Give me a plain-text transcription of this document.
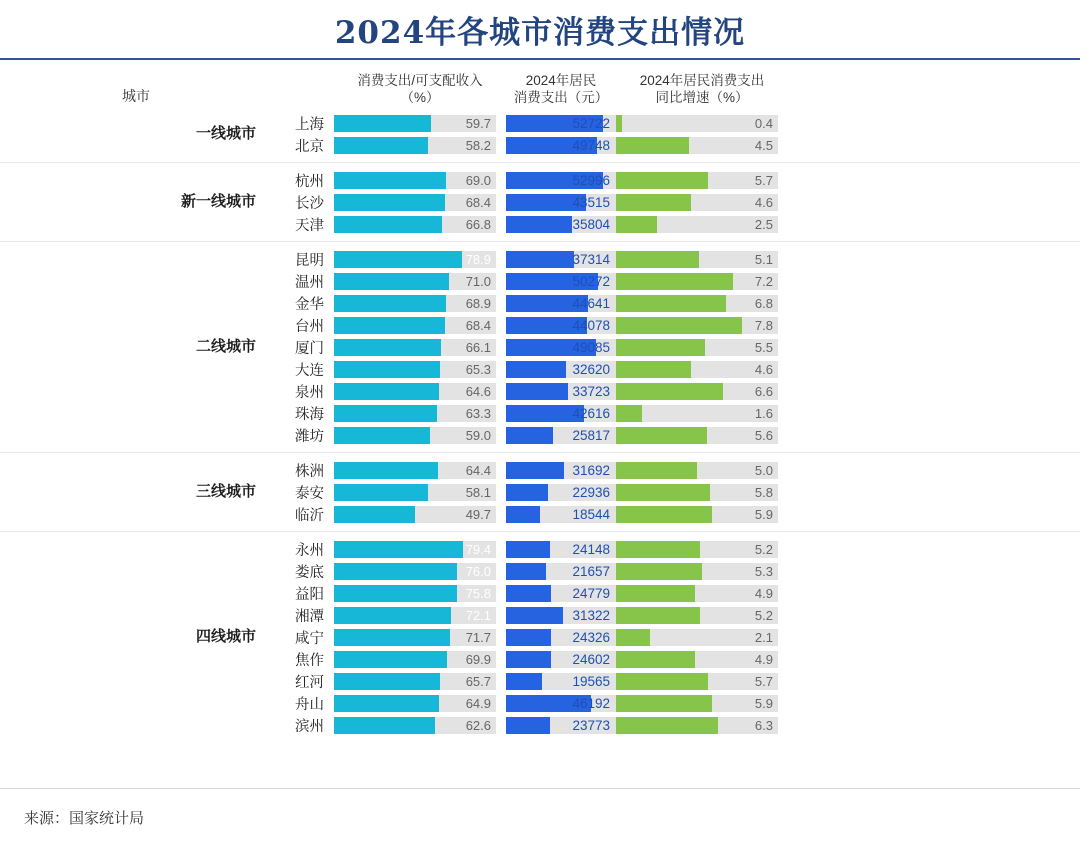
2024年各城市消费支出情况
城市
消费支出/可支配收入
（%）
2024年居民
消费支出（元）
2024年居民消费支出
同比增速（%）
一线 城市
上海	59.7	52722	0.4
北京	58.2	49748	4.5
新一线 城市
杭州	69.0	52996	5.7
长沙	68.4	43515	4.6
天津	66.8	35804	2.5
二线 城市
昆明	78.9	37314	5.1
温州	71.0	50272	7.2
金华	68.9	44641	6.8
台州	68.4	44078	7.8
厦门	66.1	49085	5.5
大连	65.3	32620	4.6
泉州	64.6	33723	6.6
珠海	63.3	42616	1.6
潍坊	59.0	25817	5.6
三线 城市
株洲	64.4	31692	5.0
泰安	58.1	22936	5.8
临沂	49.7	18544	5.9
四线 城市
永州	79.4	24148	5.2
娄底	76.0	21657	5.3
益阳	75.8	24779	4.9
湘潭	72.1	31322	5.2
咸宁	71.7	24326	2.1
焦作	69.9	24602	4.9
红河	65.7	19565	5.7
舟山	64.9	46192	5.9
滨州	62.6	23773	6.3
来源：国家统计局
